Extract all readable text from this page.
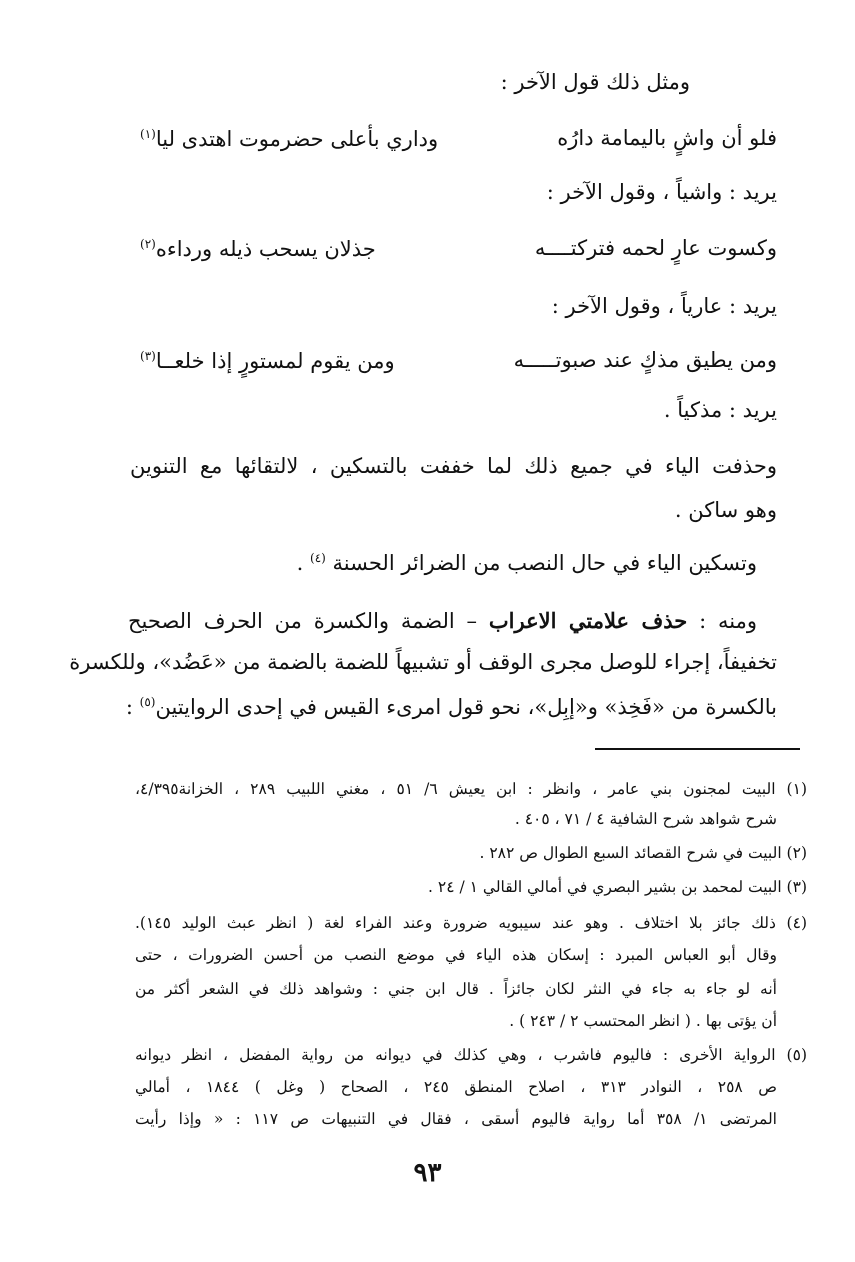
ومثل ذلك قول الآخر :
فلو أن واشٍ باليمامة دارُه
وداري بأعلى حضرموت اهتدى ليا$^{(١)}$
يريد : واشياً ، وقول الآخر :
وكسوت عارٍ لحمه فتركتــــه
جذلان يسحب ذيله ورداءه$^{(٢)}$
يريد : عارياً ، وقول الآخر :
ومن يطيق مذكٍ عند صبوتـــــه
ومن يقوم لمستورٍ إذا خلعــا$^{(٣)}$
يريد : مذكياً .
وحذفت الياء في جميع ذلك لما خففت بالتسكين ، لالتقائها مع التنوين
وهو ساكن .
وتسكين الياء في حال النصب من الضرائر الحسنة $^{(٤)}$ .
ومنه : حذف علامتي الاعراب – الضمة والكسرة من الحرف الصحيح
تخفيفاً، إجراء للوصل مجرى الوقف أو تشبيهاً للضمة بالضمة من «عَضُد»، وللكسرة
بالكسرة من «فَخِذ» و«إبِل»، نحو قول امرىء القيس في إحدى الروايتين$^{(٥)}$ :
(١) البيت لمجنون بني عامر ، وانظر : ابن يعيش ٦/ ٥١ ، مغني اللبيب ٢٨٩ ، الخزانة٤/٣٩٥،
شرح شواهد شرح الشافية ٤ / ٧١ ، ٤٠٥ .
(٢) البيت في شرح القصائد السبع الطوال ص ٢٨٢ .
(٣) البيت لمحمد بن بشير البصري في أمالي القالي ١ / ٢٤ .
(٤) ذلك جائز بلا اختلاف . وهو عند سيبويه ضرورة وعند الفراء لغة ( انظر عبث الوليد ١٤٥).
وقال أبو العباس المبرد : إسكان هذه الياء في موضع النصب من أحسن الضرورات ، حتى
أنه لو جاء به جاء في النثر لكان جائزاً . قال ابن جني : وشواهد ذلك في الشعر أكثر من
أن يؤتى بها . ( انظر المحتسب ٢ / ٢٤٣ ) .
(٥) الرواية الأخرى : فاليوم فاشرب ، وهي كذلك في ديوانه من رواية المفضل ، انظر ديوانه
ص ٢٥٨ ، النوادر ٣١٣ ، اصلاح المنطق ٢٤٥ ، الصحاح ( وغل ) ١٨٤٤ ، أمالي
المرتضى ١/ ٣٥٨ أما رواية فاليوم أسقى ، فقال في التنبيهات ص ١١٧ : « وإذا رأيت
٩٣
